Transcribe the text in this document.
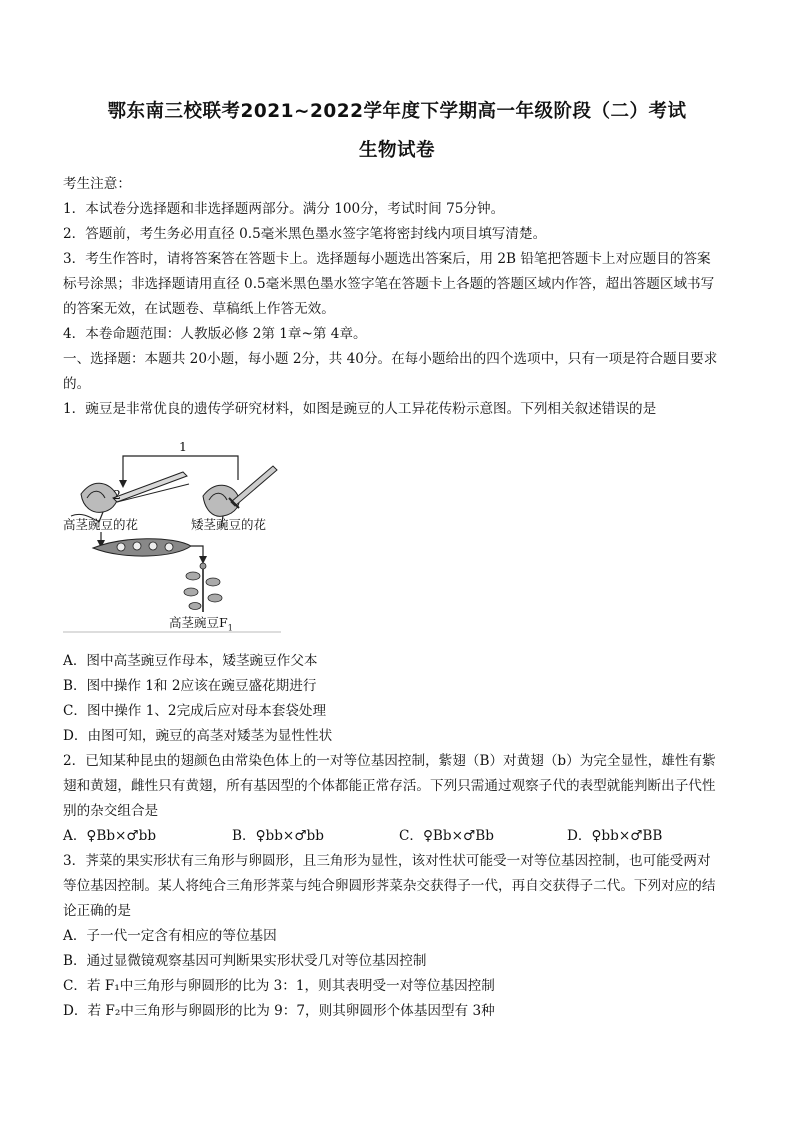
鄂东南三校联考2021~2022学年度下学期高一年级阶段（二）考试
生物试卷
考生注意：
1．本试卷分选择题和非选择题两部分。满分 100分，考试时间 75分钟。
2．答题前，考生务必用直径 0.5毫米黑色墨水签字笔将密封线内项目填写清楚。
3．考生作答时，请将答案答在答题卡上。选择题每小题选出答案后，用 2B 铅笔把答题卡上对应题目的答案
标号涂黑；非选择题请用直径 0.5毫米黑色墨水签字笔在答题卡上各题的答题区域内作答，超出答题区域书写
的答案无效，在试题卷、草稿纸上作答无效。
4．本卷命题范围：人教版必修 2第 1章~第 4章。
一、选择题：本题共 20小题，每小题 2分，共 40分。在每小题给出的四个选项中，只有一项是符合题目要求
的。
1．豌豆是非常优良的遗传学研究材料，如图是豌豆的人工异花传粉示意图。下列相关叙述错误的是
1
2
高茎豌豆的花	矮茎豌豆的花
高茎豌豆$F_1$
A．图中高茎豌豆作母本，矮茎豌豆作父本
B．图中操作 1和 2应该在豌豆盛花期进行
C．图中操作 1、2完成后应对母本套袋处理
D．由图可知，豌豆的高茎对矮茎为显性性状
2．已知某种昆虫的翅颜色由常染色体上的一对等位基因控制，紫翅（B）对黄翅（b）为完全显性，雄性有紫
翅和黄翅，雌性只有黄翅，所有基因型的个体都能正常存活。下列只需通过观察子代的表型就能判断出子代性
别的杂交组合是
A．♀Bb×♂bb	B．♀bb×♂bb	C．♀Bb×♂Bb	D．♀bb×♂BB
3．荠菜的果实形状有三角形与卵圆形，且三角形为显性，该对性状可能受一对等位基因控制，也可能受两对
等位基因控制。某人将纯合三角形荠菜与纯合卵圆形荠菜杂交获得子一代，再自交获得子二代。下列对应的结
论正确的是
A．子一代一定含有相应的等位基因
B．通过显微镜观察基因可判断果实形状受几对等位基因控制
C．若 F₁中三角形与卵圆形的比为 3：1，则其表明受一对等位基因控制
D．若 F₂中三角形与卵圆形的比为 9：7，则其卵圆形个体基因型有 3种
